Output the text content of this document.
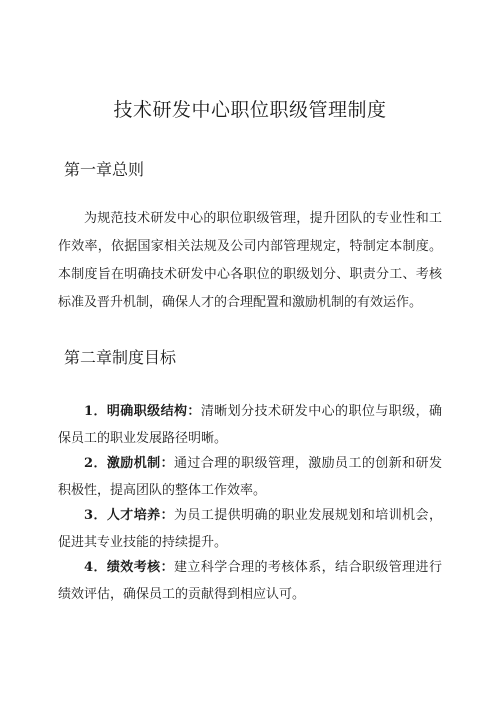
技术研发中心职位职级管理制度
第一章总则
为规范技术研发中心的职位职级管理，提升团队的专业性和工作效率，依据国家相关法规及公司内部管理规定，特制定本制度。本制度旨在明确技术研发中心各职位的职级划分、职责分工、考核标准及晋升机制，确保人才的合理配置和激励机制的有效运作。
第二章制度目标
1．明确职级结构：清晰划分技术研发中心的职位与职级，确保员工的职业发展路径明晰。
2．激励机制：通过合理的职级管理，激励员工的创新和研发积极性，提高团队的整体工作效率。
3．人才培养：为员工提供明确的职业发展规划和培训机会，促进其专业技能的持续提升。
4．绩效考核：建立科学合理的考核体系，结合职级管理进行绩效评估，确保员工的贡献得到相应认可。
